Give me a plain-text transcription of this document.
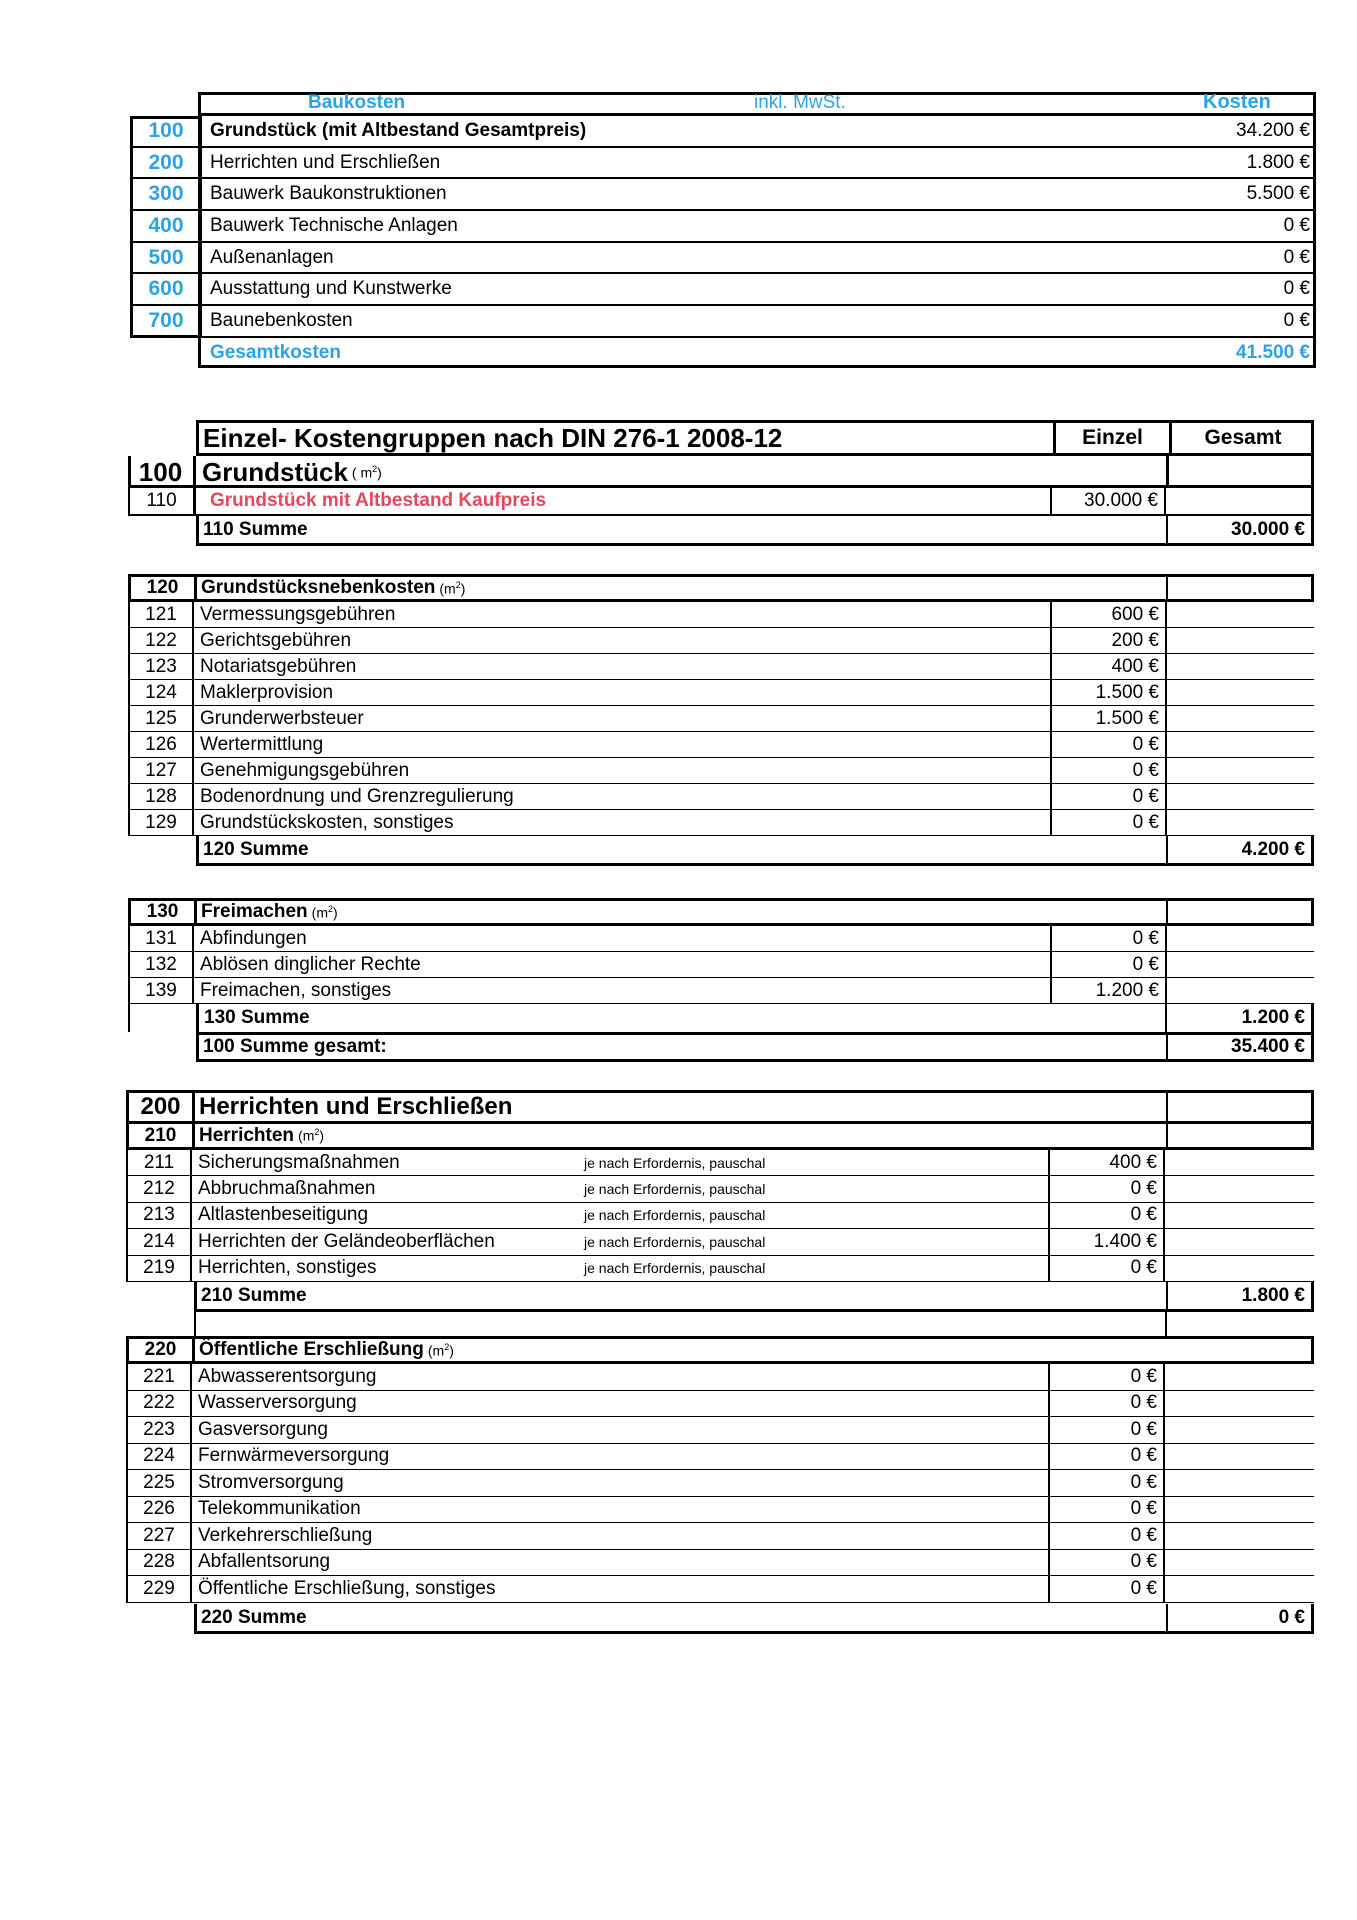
Baukosten	inkl. MwSt.	Kosten
100	Grundstück (mit Altbestand Gesamtpreis)	34.200 €
200	Herrichten und Erschließen	1.800 €
300	Bauwerk Baukonstruktionen	5.500 €
400	Bauwerk Technische Anlagen	0 €
500	Außenanlagen	0 €
600	Ausstattung und Kunstwerke	0 €
700	Baunebenkosten	0 €
Gesamtkosten	41.500 €
Einzel- Kostengruppen nach DIN 276-1 2008-12	Einzel	Gesamt
100 Grundstück ( $m^2$)
110	Grundstück mit Altbestand Kaufpreis	30.000 €
110 Summe	30.000 €
120	Grundstücksnebenkosten $(m^2)$
121	Vermessungsgebühren	600 €
122	Gerichtsgebühren	200 €
123	Notariatsgebühren	400 €
124	Maklerprovision	1.500 €
125	Grunderwerbsteuer	1.500 €
126	Wertermittlung	0 €
127	Genehmigungsgebühren	0 €
128	Bodenordnung und Grenzregulierung	0 €
129	Grundstückskosten, sonstiges	0 €
120 Summe	4.200 €
130	Freimachen $(m^2)$
131	Abfindungen	0 €
132	Ablösen dinglicher Rechte	0 €
139	Freimachen, sonstiges	1.200 €
130 Summe	1.200 €
100 Summe gesamt:	35.400 €
200 Herrichten und Erschließen
210	Herrichten $(m^2)$
211	Sicherungsmaßnahmen	je nach Erfordernis, pauschal	400 €
212	Abbruchmaßnahmen	je nach Erfordernis, pauschal	0 €
213	Altlastenbeseitigung	je nach Erfordernis, pauschal	0 €
214	Herrichten der Geländeoberflächen	je nach Erfordernis, pauschal	1.400 €
219	Herrichten, sonstiges	je nach Erfordernis, pauschal	0 €
210 Summe	1.800 €
220	Öffentliche Erschließung $(m^2)$
221	Abwasserentsorgung	0 €
222	Wasserversorgung	0 €
223	Gasversorgung	0 €
224	Fernwärmeversorgung	0 €
225	Stromversorgung	0 €
226	Telekommunikation	0 €
227	Verkehrerschließung	0 €
228	Abfallentsorung	0 €
229	Öffentliche Erschließung, sonstiges	0 €
220 Summe	0 €
